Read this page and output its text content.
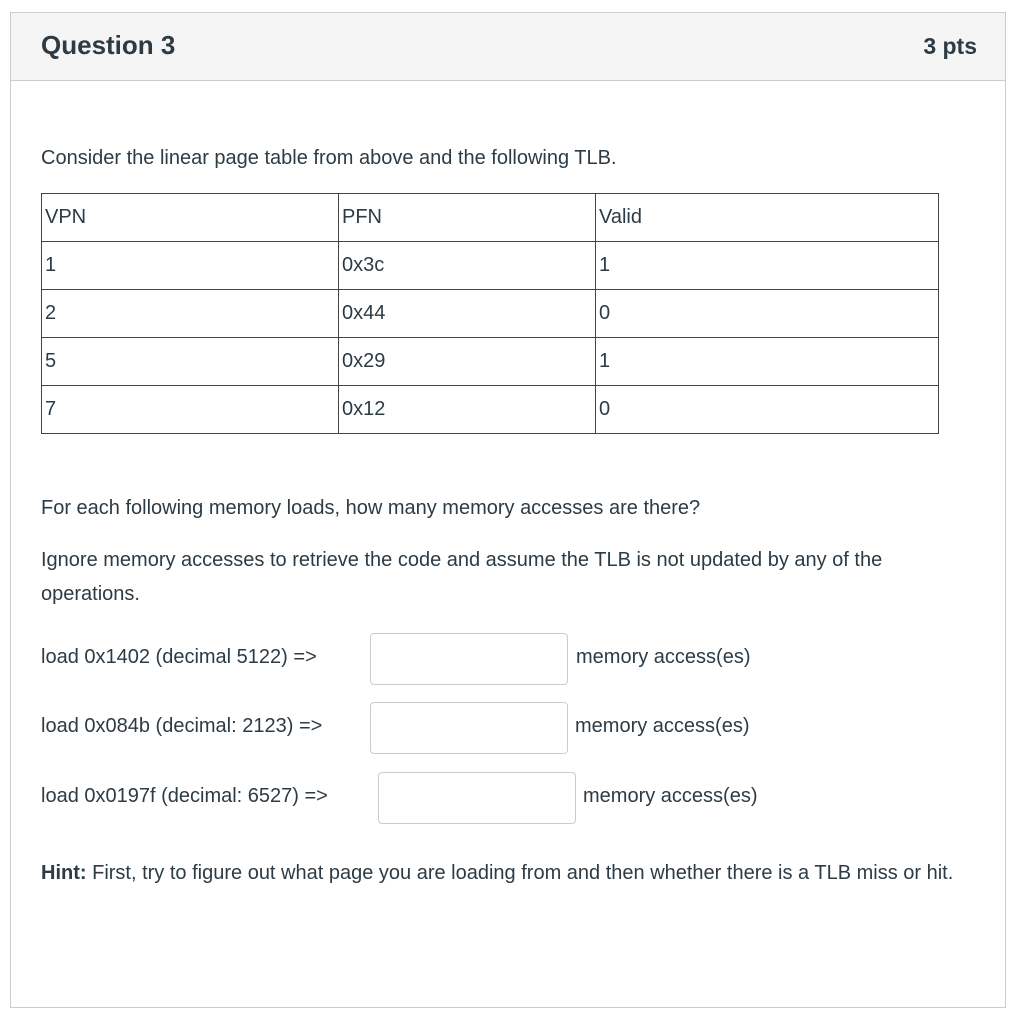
Question 3	3 pts
Consider the linear page table from above and the following TLB.
VPN	PFN	Valid
1	0x3c	1
2	0x44	0
5	0x29	1
7	0x12	0
For each following memory loads, how many memory accesses are there?
Ignore memory accesses to retrieve the code and assume the TLB is not updated by any of the operations.
load 0x1402 (decimal 5122) =>	memory access(es)
load 0x084b (decimal: 2123) =>	memory access(es)
load 0x0197f (decimal: 6527) =>	memory access(es)
Hint: First, try to figure out what page you are loading from and then whether there is a TLB miss or hit.
